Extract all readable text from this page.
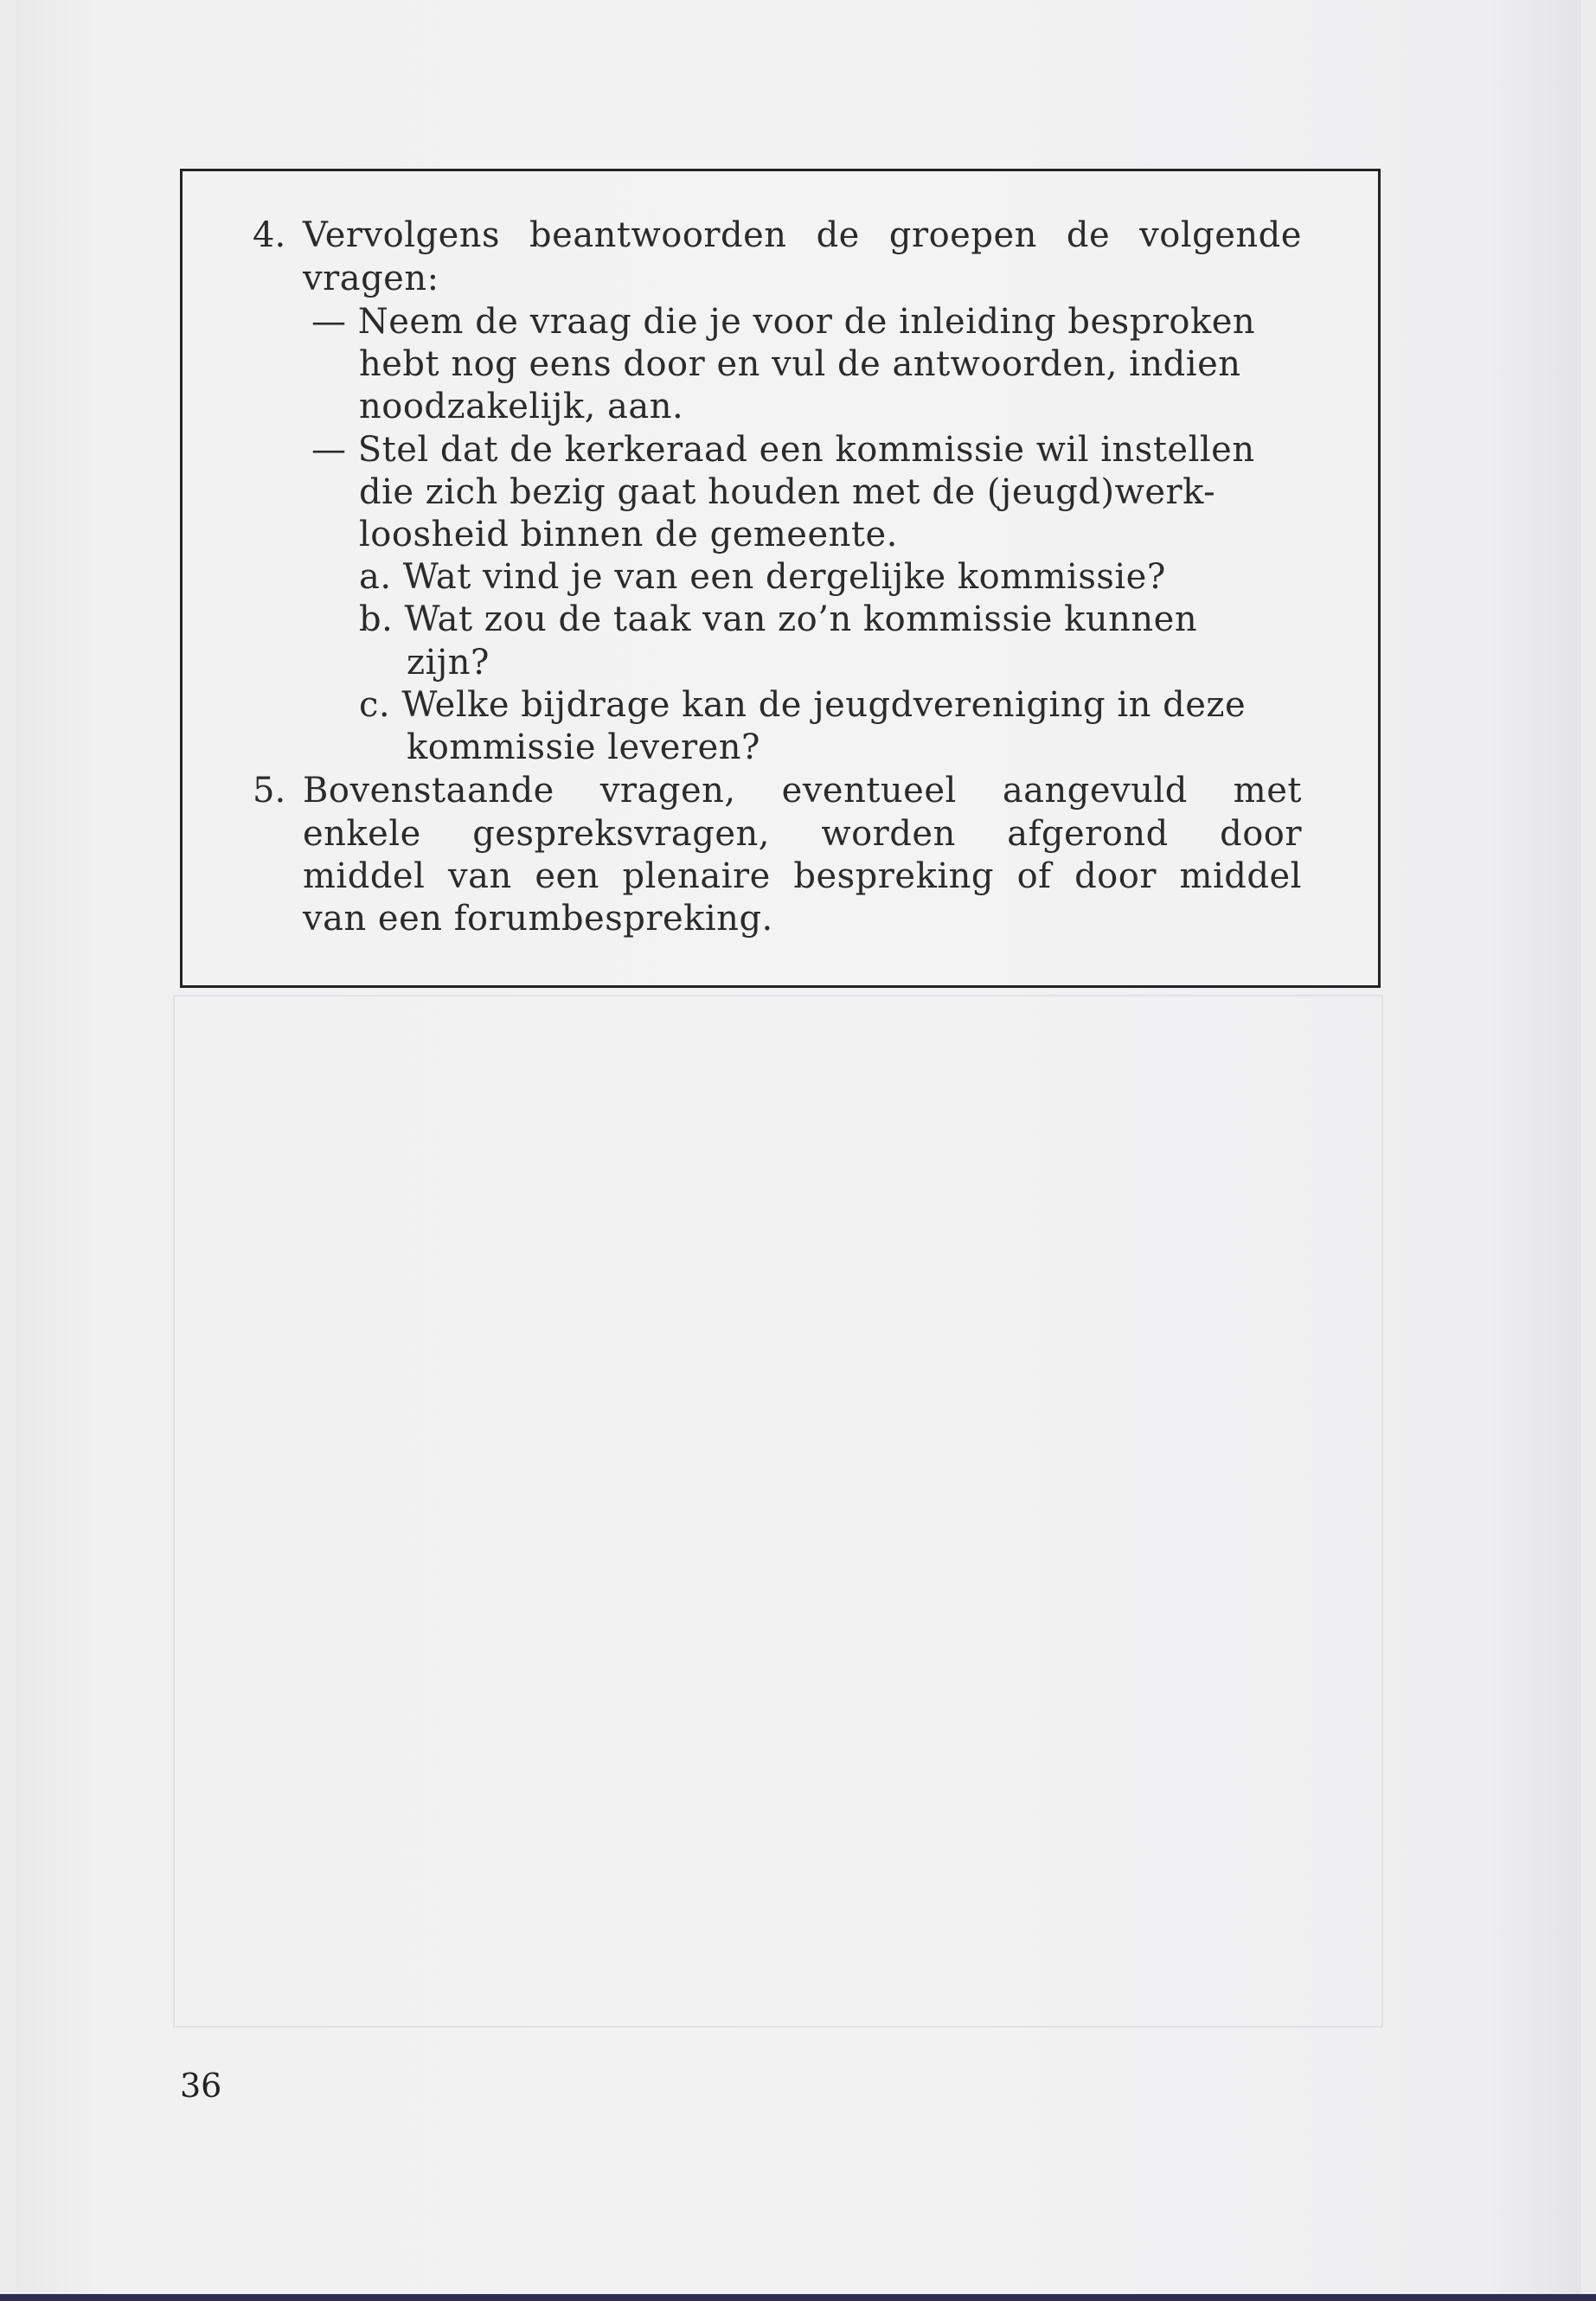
4. Vervolgens beantwoorden de groepen de volgende
vragen:
— Neem de vraag die je voor de inleiding besproken
hebt nog eens door en vul de antwoorden, indien
noodzakelijk, aan.
— Stel dat de kerkeraad een kommissie wil instellen
die zich bezig gaat houden met de (jeugd)werk-
loosheid binnen de gemeente.
a. Wat vind je van een dergelijke kommissie?
b. Wat zou de taak van zo’n kommissie kunnen
zijn?
c. Welke bijdrage kan de jeugdvereniging in deze
kommissie leveren?
5. Bovenstaande vragen, eventueel aangevuld met
enkele gespreksvragen, worden afgerond door
middel van een plenaire bespreking of door middel
van een forumbespreking.
36
